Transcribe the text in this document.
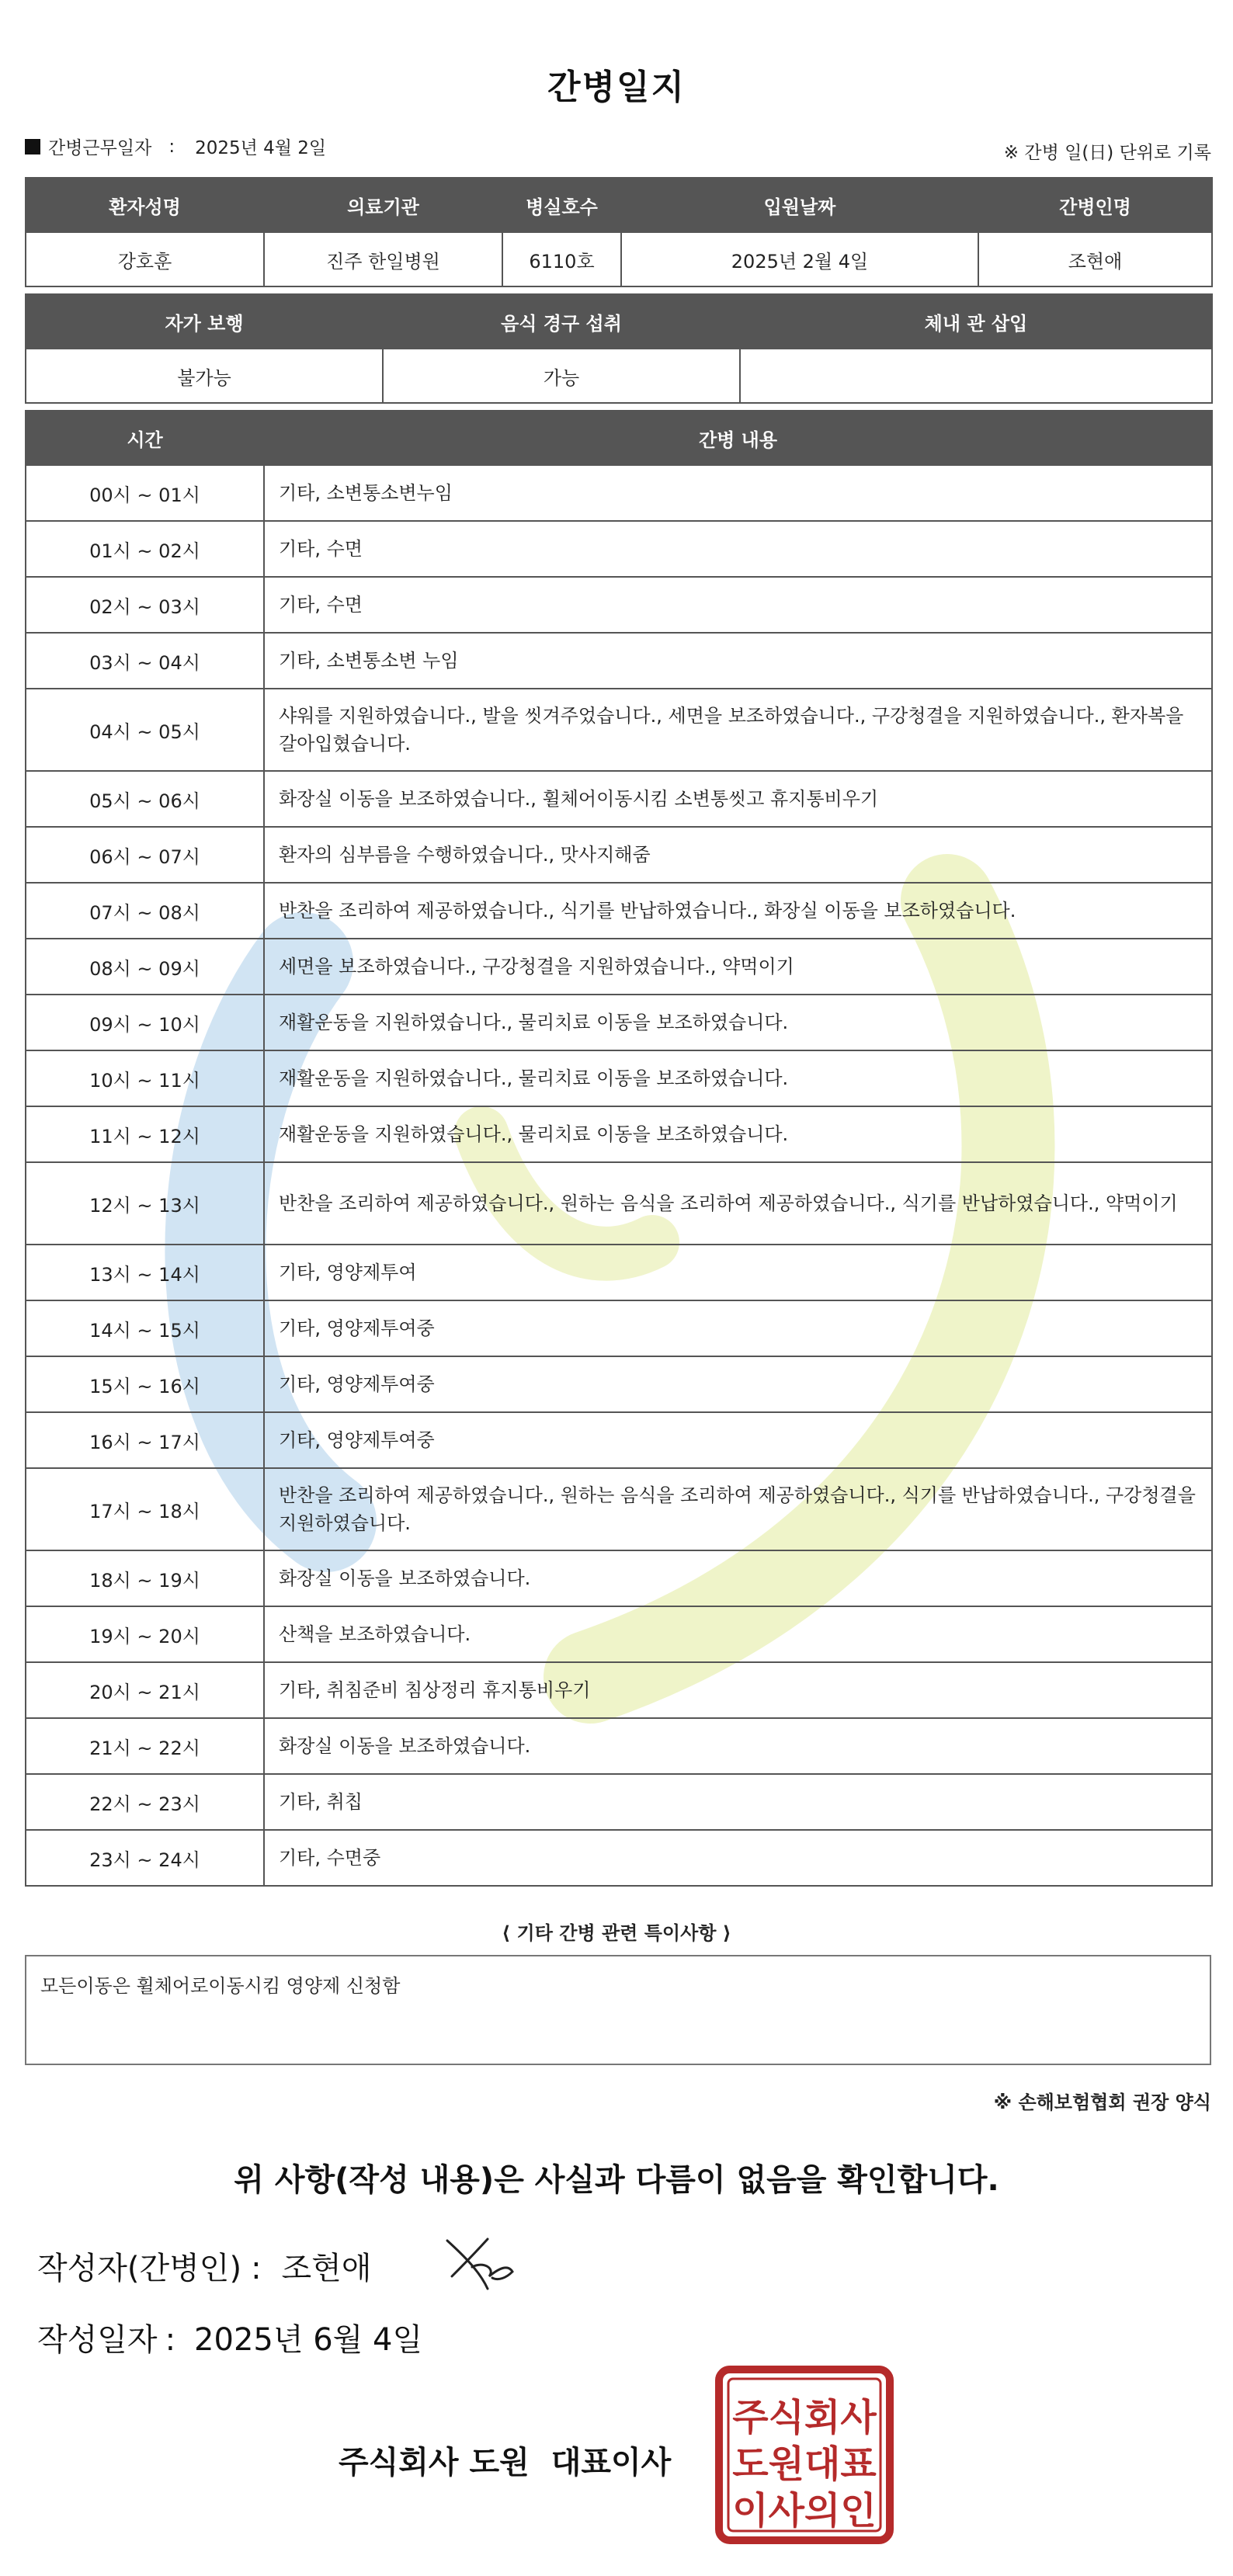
간병일지
간병근무일자 : 2025년 4월 2일	※ 간병 일(日) 단위로 기록
환자성명	의료기관	병실호수	입원날짜	간병인명
강호훈	진주 한일병원	6110호	2025년 2월 4일	조현애
자가 보행	음식 경구 섭취	체내 관 삽입
불가능	가능	
시간	간병 내용
00시 ~ 01시	기타, 소변통소변누임
01시 ~ 02시	기타, 수면
02시 ~ 03시	기타, 수면
03시 ~ 04시	기타, 소변통소변 누임
04시 ~ 05시	샤워를 지원하였습니다., 발을 씻겨주었습니다., 세면을 보조하였습니다., 구강청결을 지원하였습니다., 환자복을 갈아입혔습니다.
05시 ~ 06시	화장실 이동을 보조하였습니다., 휠체어이동시킴 소변통씻고 휴지통비우기
06시 ~ 07시	환자의 심부름을 수행하였습니다., 맛사지해줌
07시 ~ 08시	반찬을 조리하여 제공하였습니다., 식기를 반납하였습니다., 화장실 이동을 보조하였습니다.
08시 ~ 09시	세면을 보조하였습니다., 구강청결을 지원하였습니다., 약먹이기
09시 ~ 10시	재활운동을 지원하였습니다., 물리치료 이동을 보조하였습니다.
10시 ~ 11시	재활운동을 지원하였습니다., 물리치료 이동을 보조하였습니다.
11시 ~ 12시	재활운동을 지원하였습니다., 물리치료 이동을 보조하였습니다.
12시 ~ 13시	반찬을 조리하여 제공하였습니다., 원하는 음식을 조리하여 제공하였습니다., 식기를 반납하였습니다., 약먹이기
13시 ~ 14시	기타, 영양제투여
14시 ~ 15시	기타, 영양제투여중
15시 ~ 16시	기타, 영양제투여중
16시 ~ 17시	기타, 영양제투여중
17시 ~ 18시	반찬을 조리하여 제공하였습니다., 원하는 음식을 조리하여 제공하였습니다., 식기를 반납하였습니다., 구강청결을 지원하였습니다.
18시 ~ 19시	화장실 이동을 보조하였습니다.
19시 ~ 20시	산책을 보조하였습니다.
20시 ~ 21시	기타, 취침준비 침상정리 휴지통비우기
21시 ~ 22시	화장실 이동을 보조하였습니다.
22시 ~ 23시	기타, 취칩
23시 ~ 24시	기타, 수면중
⟨ 기타 간병 관련 특이사항 ⟩
모든이동은 휠체어로이동시킴 영양제 신청함
※ 손해보험협회 권장 양식
위 사항(작성 내용)은 사실과 다름이 없음을 확인합니다.
작성자(간병인) : 조현애
작성일자 : 2025년 6월 4일
주식회사 도원 대표이사
주식회사
도원대표
이사의인
